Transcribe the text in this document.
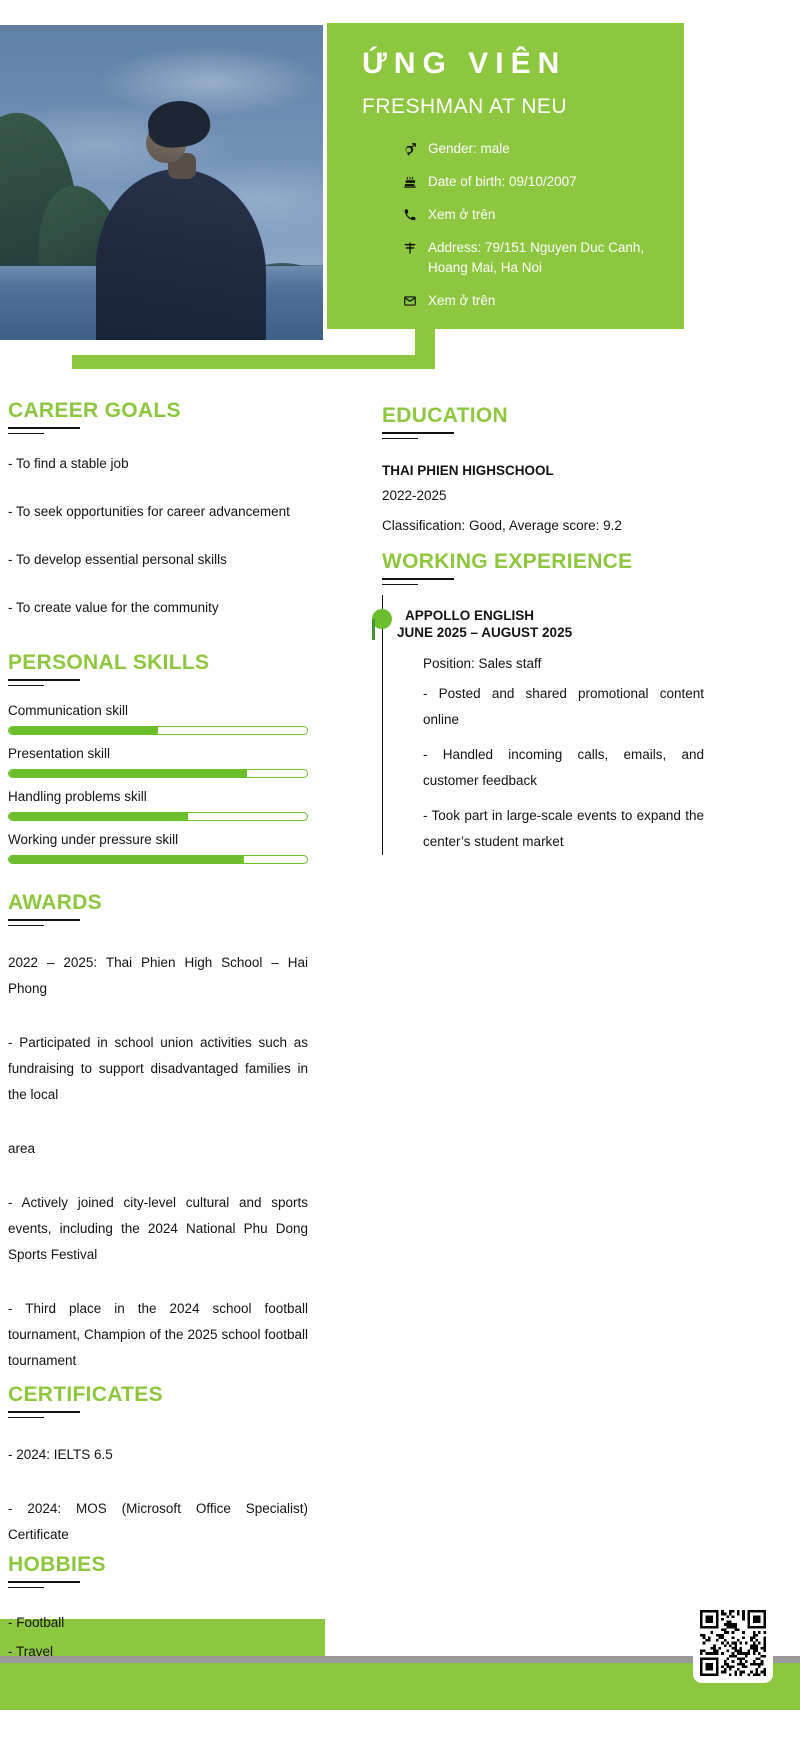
ỨNG VIÊN
FRESHMAN AT NEU
Gender: male
Date of birth: 09/10/2007
Xem ở trên
Address: 79/151 Nguyen Duc Canh, Hoang Mai, Ha Noi
Xem ở trên
CAREER GOALS

- To find a stable job

- To seek opportunities for career advancement

- To develop essential personal skills

- To create value for the community

PERSONAL SKILLS
Communication skill
Presentation skill
Handling problems skill
Working under pressure skill
AWARDS

2022 – 2025: Thai Phien High School – Hai Phong

- Participated in school union activities such as fundraising to support disadvantaged families in the local

area

- Actively joined city-level cultural and sports events, including the 2024 National Phu Dong Sports Festival

- Third place in the 2024 school football tournament, Champion of the 2025 school football tournament

CERTIFICATES

- 2024: IELTS 6.5

- 2024: MOS (Microsoft Office Specialist) Certificate

HOBBIES

- Football

- Travel

EDUCATION
THAI PHIEN HIGHSCHOOL
2022-2025
Classification: Good, Average score: 9.2
WORKING EXPERIENCE
APPOLLO ENGLISH
JUNE 2025 – AUGUST 2025
Position: Sales staff

- Posted and shared promotional content online

- Handled incoming calls, emails, and customer feedback

- Took part in large-scale events to expand the center’s student market
